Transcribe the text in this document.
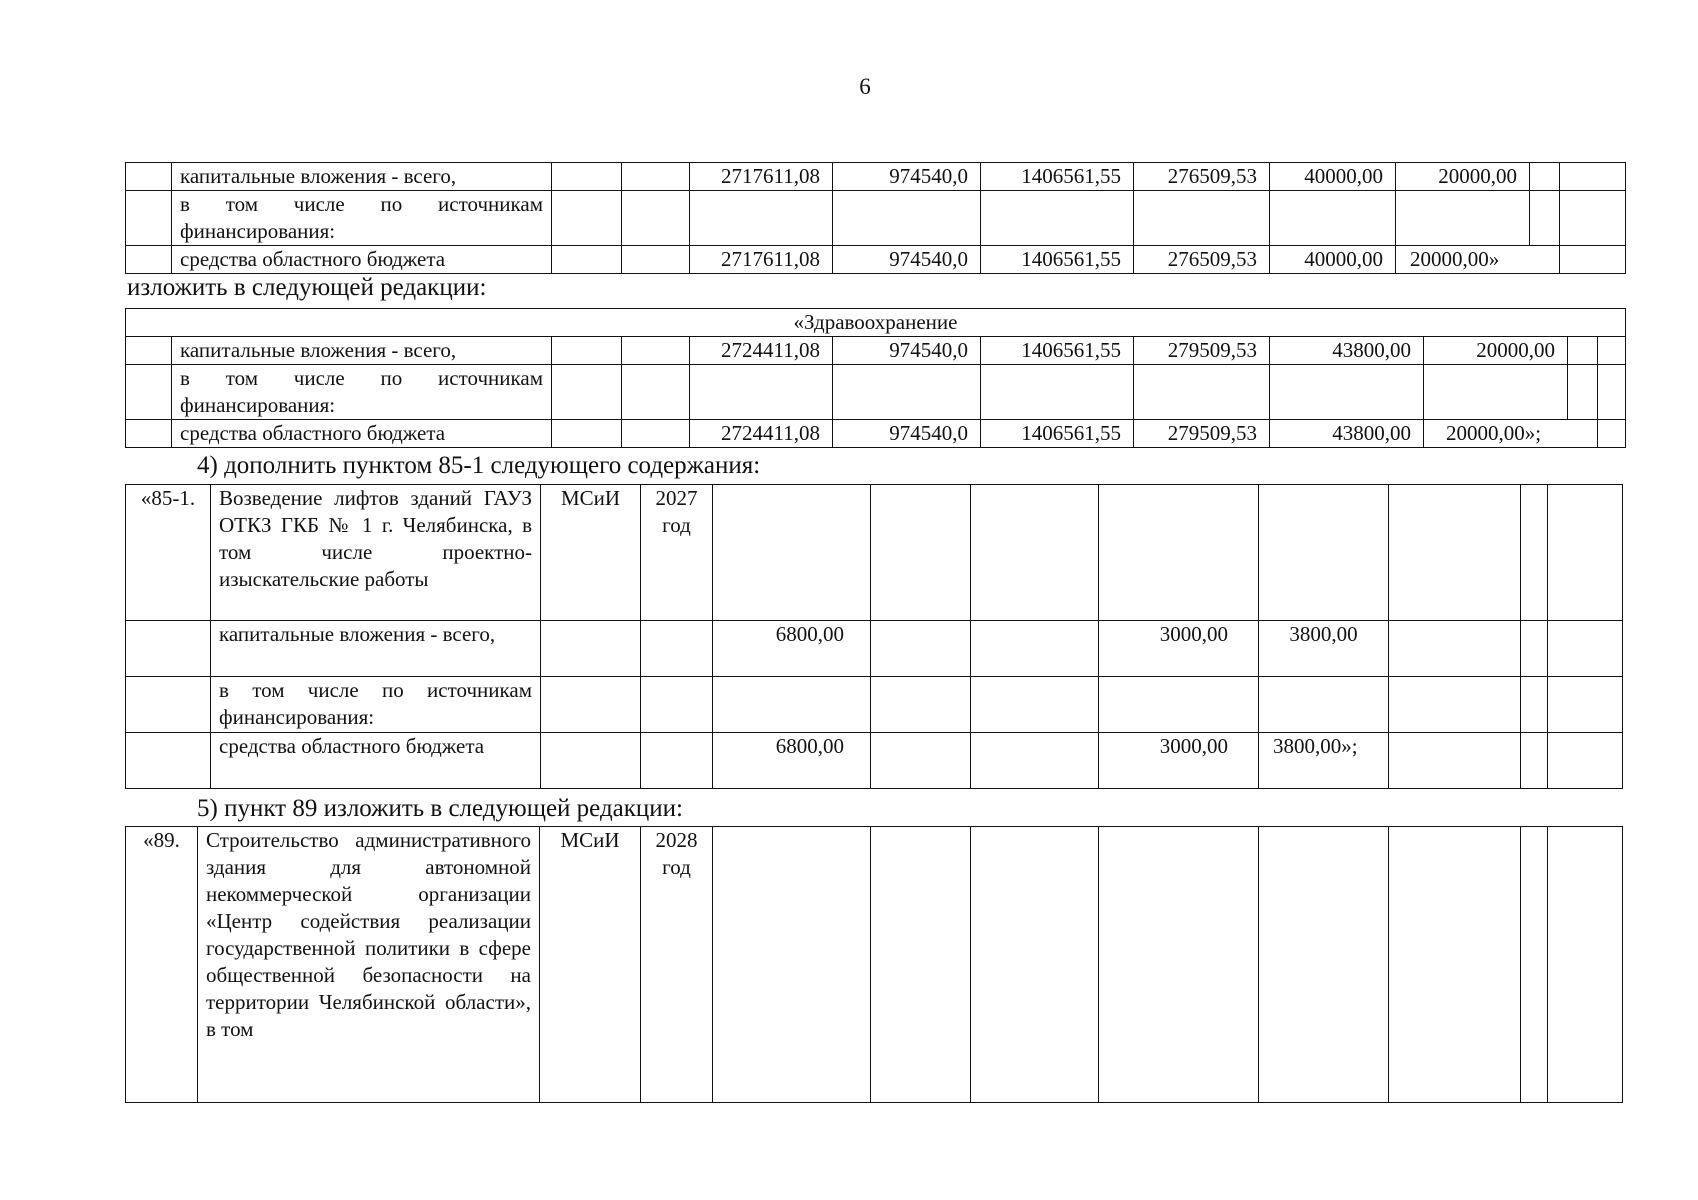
6
	капитальные вложения - всего,			2717611,08	974540,0	1406561,55	276509,53	40000,00	20000,00		
	в том числе по источникам финансирования:										
	средства областного бюджета			2717611,08	974540,0	1406561,55	276509,53	40000,00	20000,00»		
изложить в следующей редакции:
«Здравоохранение											
	капитальные вложения - всего,			2724411,08	974540,0	1406561,55	279509,53	43800,00	20000,00		
	в том числе по источникам финансирования:										
	средства областного бюджета			2724411,08	974540,0	1406561,55	279509,53	43800,00	20000,00»;		
4) дополнить пунктом 85-1 следующего содержания:
«85-1.	Возведение лифтов зданий ГАУЗ ОТКЗ ГКБ № 1 г. Челябинска, в том числе проектно-изыскательские работы	МСиИ	2027 год								
	капитальные вложения - всего,			6800,00			3000,00	3800,00			
	в том числе по источникам финансирования:										
	средства областного бюджета			6800,00			3000,00	3800,00»;			
5) пункт 89 изложить в следующей редакции:
«89.	Строительство административного здания для автономной некоммерческой организации «Центр содействия реализации государственной политики в сфере общественной безопасности на территории Челябинской области», в том	МСиИ	2028 год								
